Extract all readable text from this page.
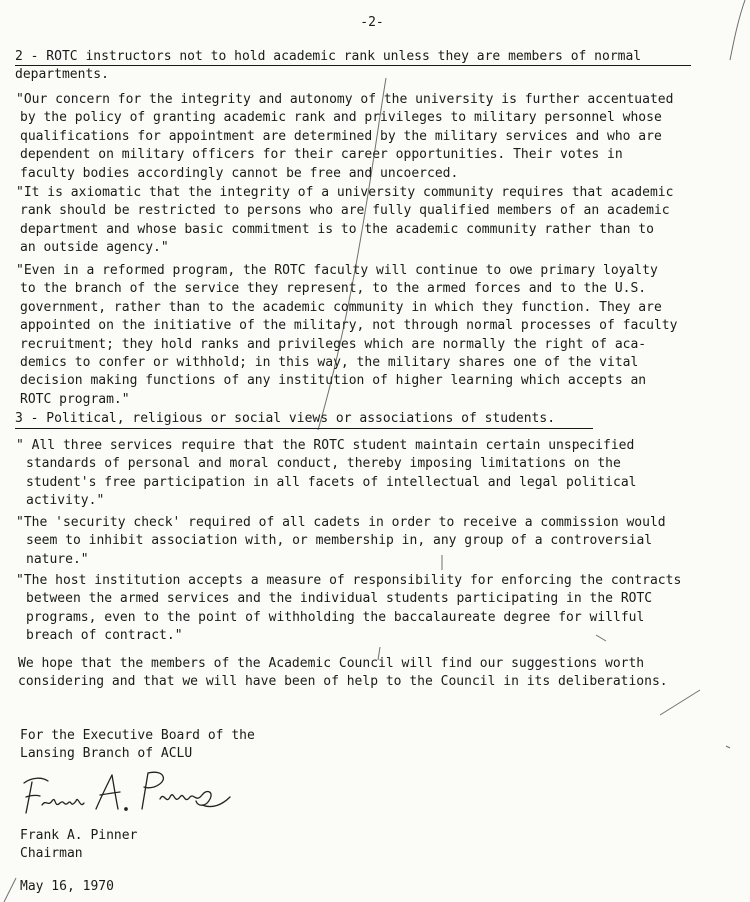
-2-
2 - ROTC instructors not to hold academic rank unless they are members of normal
departments.
"Our concern for the integrity and autonomy of the university is further accentuated
by the policy of granting academic rank and privileges to military personnel whose
qualifications for appointment are determined by the military services and who are
dependent on military officers for their career opportunities. Their votes in
faculty bodies accordingly cannot be free and uncoerced.
"It is axiomatic that the integrity of a university community requires that academic
rank should be restricted to persons who are fully qualified members of an academic
department and whose basic commitment is to the academic community rather than to
an outside agency."
"Even in a reformed program, the ROTC faculty will continue to owe primary loyalty
to the branch of the service they represent, to the armed forces and to the U.S.
government, rather than to the academic community in which they function. They are
appointed on the initiative of the military, not through normal processes of faculty
recruitment; they hold ranks and privileges which are normally the right of aca-
demics to confer or withhold; in this way, the military shares one of the vital
decision making functions of any institution of higher learning which accepts an
ROTC program."
3 - Political, religious or social views or associations of students.
" All three services require that the ROTC student maintain certain unspecified
standards of personal and moral conduct, thereby imposing limitations on the
student's free participation in all facets of intellectual and legal political
activity."
"The 'security check' required of all cadets in order to receive a commission would
seem to inhibit association with, or membership in, any group of a controversial
nature."
"The host institution accepts a measure of responsibility for enforcing the contracts
between the armed services and the individual students participating in the ROTC
programs, even to the point of withholding the baccalaureate degree for willful
breach of contract."
We hope that the members of the Academic Council will find our suggestions worth
considering and that we will have been of help to the Council in its deliberations.
For the Executive Board of the
Lansing Branch of ACLU
Frank A. Pinner
Chairman
May 16, 1970
